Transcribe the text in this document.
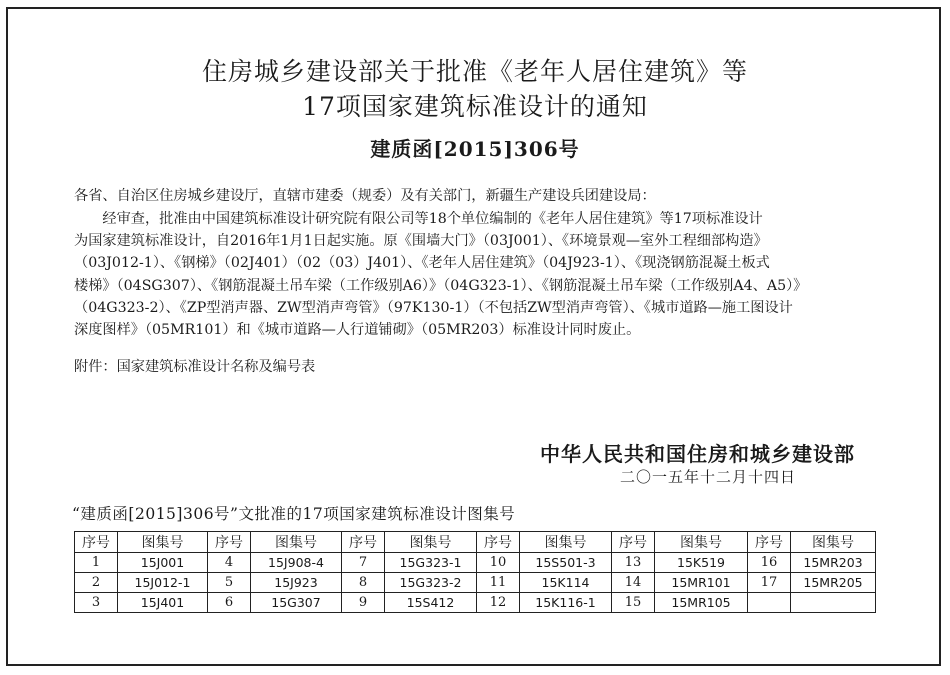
住房城乡建设部关于批准《老年人居住建筑》等
17项国家建筑标准设计的通知
建质函[2015]306号
各省、自治区住房城乡建设厅，直辖市建委（规委）及有关部门，新疆生产建设兵团建设局：
　　经审查，批准由中国建筑标准设计研究院有限公司等18个单位编制的《老年人居住建筑》等17项标准设计
为国家建筑标准设计，自2016年1月1日起实施。原《围墙大门》（03J001）、《环境景观—室外工程细部构造》
（03J012-1）、《钢梯》（02J401）（02（03）J401）、《老年人居住建筑》（04J923-1）、《现浇钢筋混凝土板式
楼梯》（04SG307）、《钢筋混凝土吊车梁（工作级别A6）》（04G323-1）、《钢筋混凝土吊车梁（工作级别A4、A5）》
（04G323-2）、《ZP型消声器、ZW型消声弯管》（97K130-1）（不包括ZW型消声弯管）、《城市道路—施工图设计
深度图样》（05MR101）和《城市道路—人行道铺砌》（05MR203）标准设计同时废止。
附件：国家建筑标准设计名称及编号表
中华人民共和国住房和城乡建设部
二〇一五年十二月十四日
“建质函[2015]306号”文批准的17项国家建筑标准设计图集号
序号	图集号	序号	图集号	序号	图集号	序号	图集号	序号	图集号	序号	图集号
1	15J001	4	15J908-4	7	15G323-1	10	15S501-3	13	15K519	16	15MR203
2	15J012-1	5	15J923	8	15G323-2	11	15K114	14	15MR101	17	15MR205
3	15J401	6	15G307	9	15S412	12	15K116-1	15	15MR105		
